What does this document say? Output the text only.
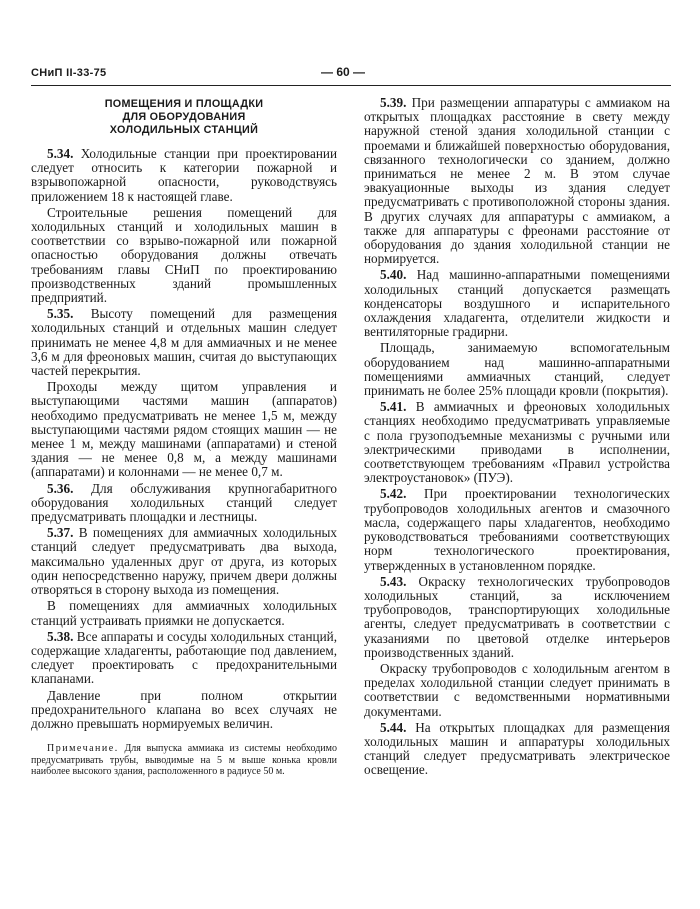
СНиП II-33-75	— 60 —
ПОМЕЩЕНИЯ И ПЛОЩАДКИ
ДЛЯ ОБОРУДОВАНИЯ
ХОЛОДИЛЬНЫХ СТАНЦИЙ

5.34. Холодильные станции при проектировании следует относить к категории пожарной и взрывопожарной опасности, руководствуясь приложением 18 к настоящей главе.

Строительные решения помещений для холодильных станций и холодильных машин в соответствии со взрыво-пожарной или пожарной опасностью оборудования должны отвечать требованиям главы СНиП по проектированию производственных зданий промышленных предприятий.

5.35. Высоту помещений для размещения холодильных станций и отдельных машин следует принимать не менее 4,8 м для аммиачных и не менее 3,6 м для фреоновых машин, считая до выступающих частей перекрытия.

Проходы между щитом управления и выступающими частями машин (аппаратов) необходимо предусматривать не менее 1,5 м, между выступающими частями рядом стоящих машин — не менее 1 м, между машинами (аппаратами) и стеной здания — не менее 0,8 м, а между машинами (аппаратами) и колоннами — не менее 0,7 м.

5.36. Для обслуживания крупногабаритного оборудования холодильных станций следует предусматривать площадки и лестницы.

5.37. В помещениях для аммиачных холодильных станций следует предусматривать два выхода, максимально удаленных друг от друга, из которых один непосредственно наружу, причем двери должны отворяться в сторону выхода из помещения.

В помещениях для аммиачных холодильных станций устраивать приямки не допускается.

5.38. Все аппараты и сосуды холодильных станций, содержащие хладагенты, работающие под давлением, следует проектировать с предохранительными клапанами.

Давление при полном открытии предохранительного клапана во всех случаях не должно превышать нормируемых величин.

Примечание. Для выпуска аммиака из системы необходимо предусматривать трубы, выводимые на 5 м выше конька кровли наиболее высокого здания, расположенного в радиусе 50 м.

5.39. При размещении аппаратуры с аммиаком на открытых площадках расстояние в свету между наружной стеной здания холодильной станции с проемами и ближайшей поверхностью оборудования, связанного технологически со зданием, должно приниматься не менее 2 м. В этом случае эвакуационные выходы из здания следует предусматривать с противоположной стороны здания. В других случаях для аппаратуры с аммиаком, а также для аппаратуры с фреонами расстояние от оборудования до здания холодильной станции не нормируется.

5.40. Над машинно-аппаратными помещениями холодильных станций допускается размещать конденсаторы воздушного и испарительного охлаждения хладагента, отделители жидкости и вентиляторные градирни.

Площадь, занимаемую вспомогательным оборудованием над машинно-аппаратными помещениями аммиачных станций, следует принимать не более 25% площади кровли (покрытия).

5.41. В аммиачных и фреоновых холодильных станциях необходимо предусматривать управляемые с пола грузоподъемные механизмы с ручными или электрическими приводами в исполнении, соответствующем требованиям «Правил устройства электроустановок» (ПУЭ).

5.42. При проектировании технологических трубопроводов холодильных агентов и смазочного масла, содержащего пары хладагентов, необходимо руководствоваться требованиями соответствующих норм технологического проектирования, утвержденных в установленном порядке.

5.43. Окраску технологических трубопроводов холодильных станций, за исключением трубопроводов, транспортирующих холодильные агенты, следует предусматривать в соответствии с указаниями по цветовой отделке интерьеров производственных зданий.

Окраску трубопроводов с холодильным агентом в пределах холодильной станции следует принимать в соответствии с ведомственными нормативными документами.

5.44. На открытых площадках для размещения холодильных машин и аппаратуры холодильных станций следует предусматривать электрическое освещение.
